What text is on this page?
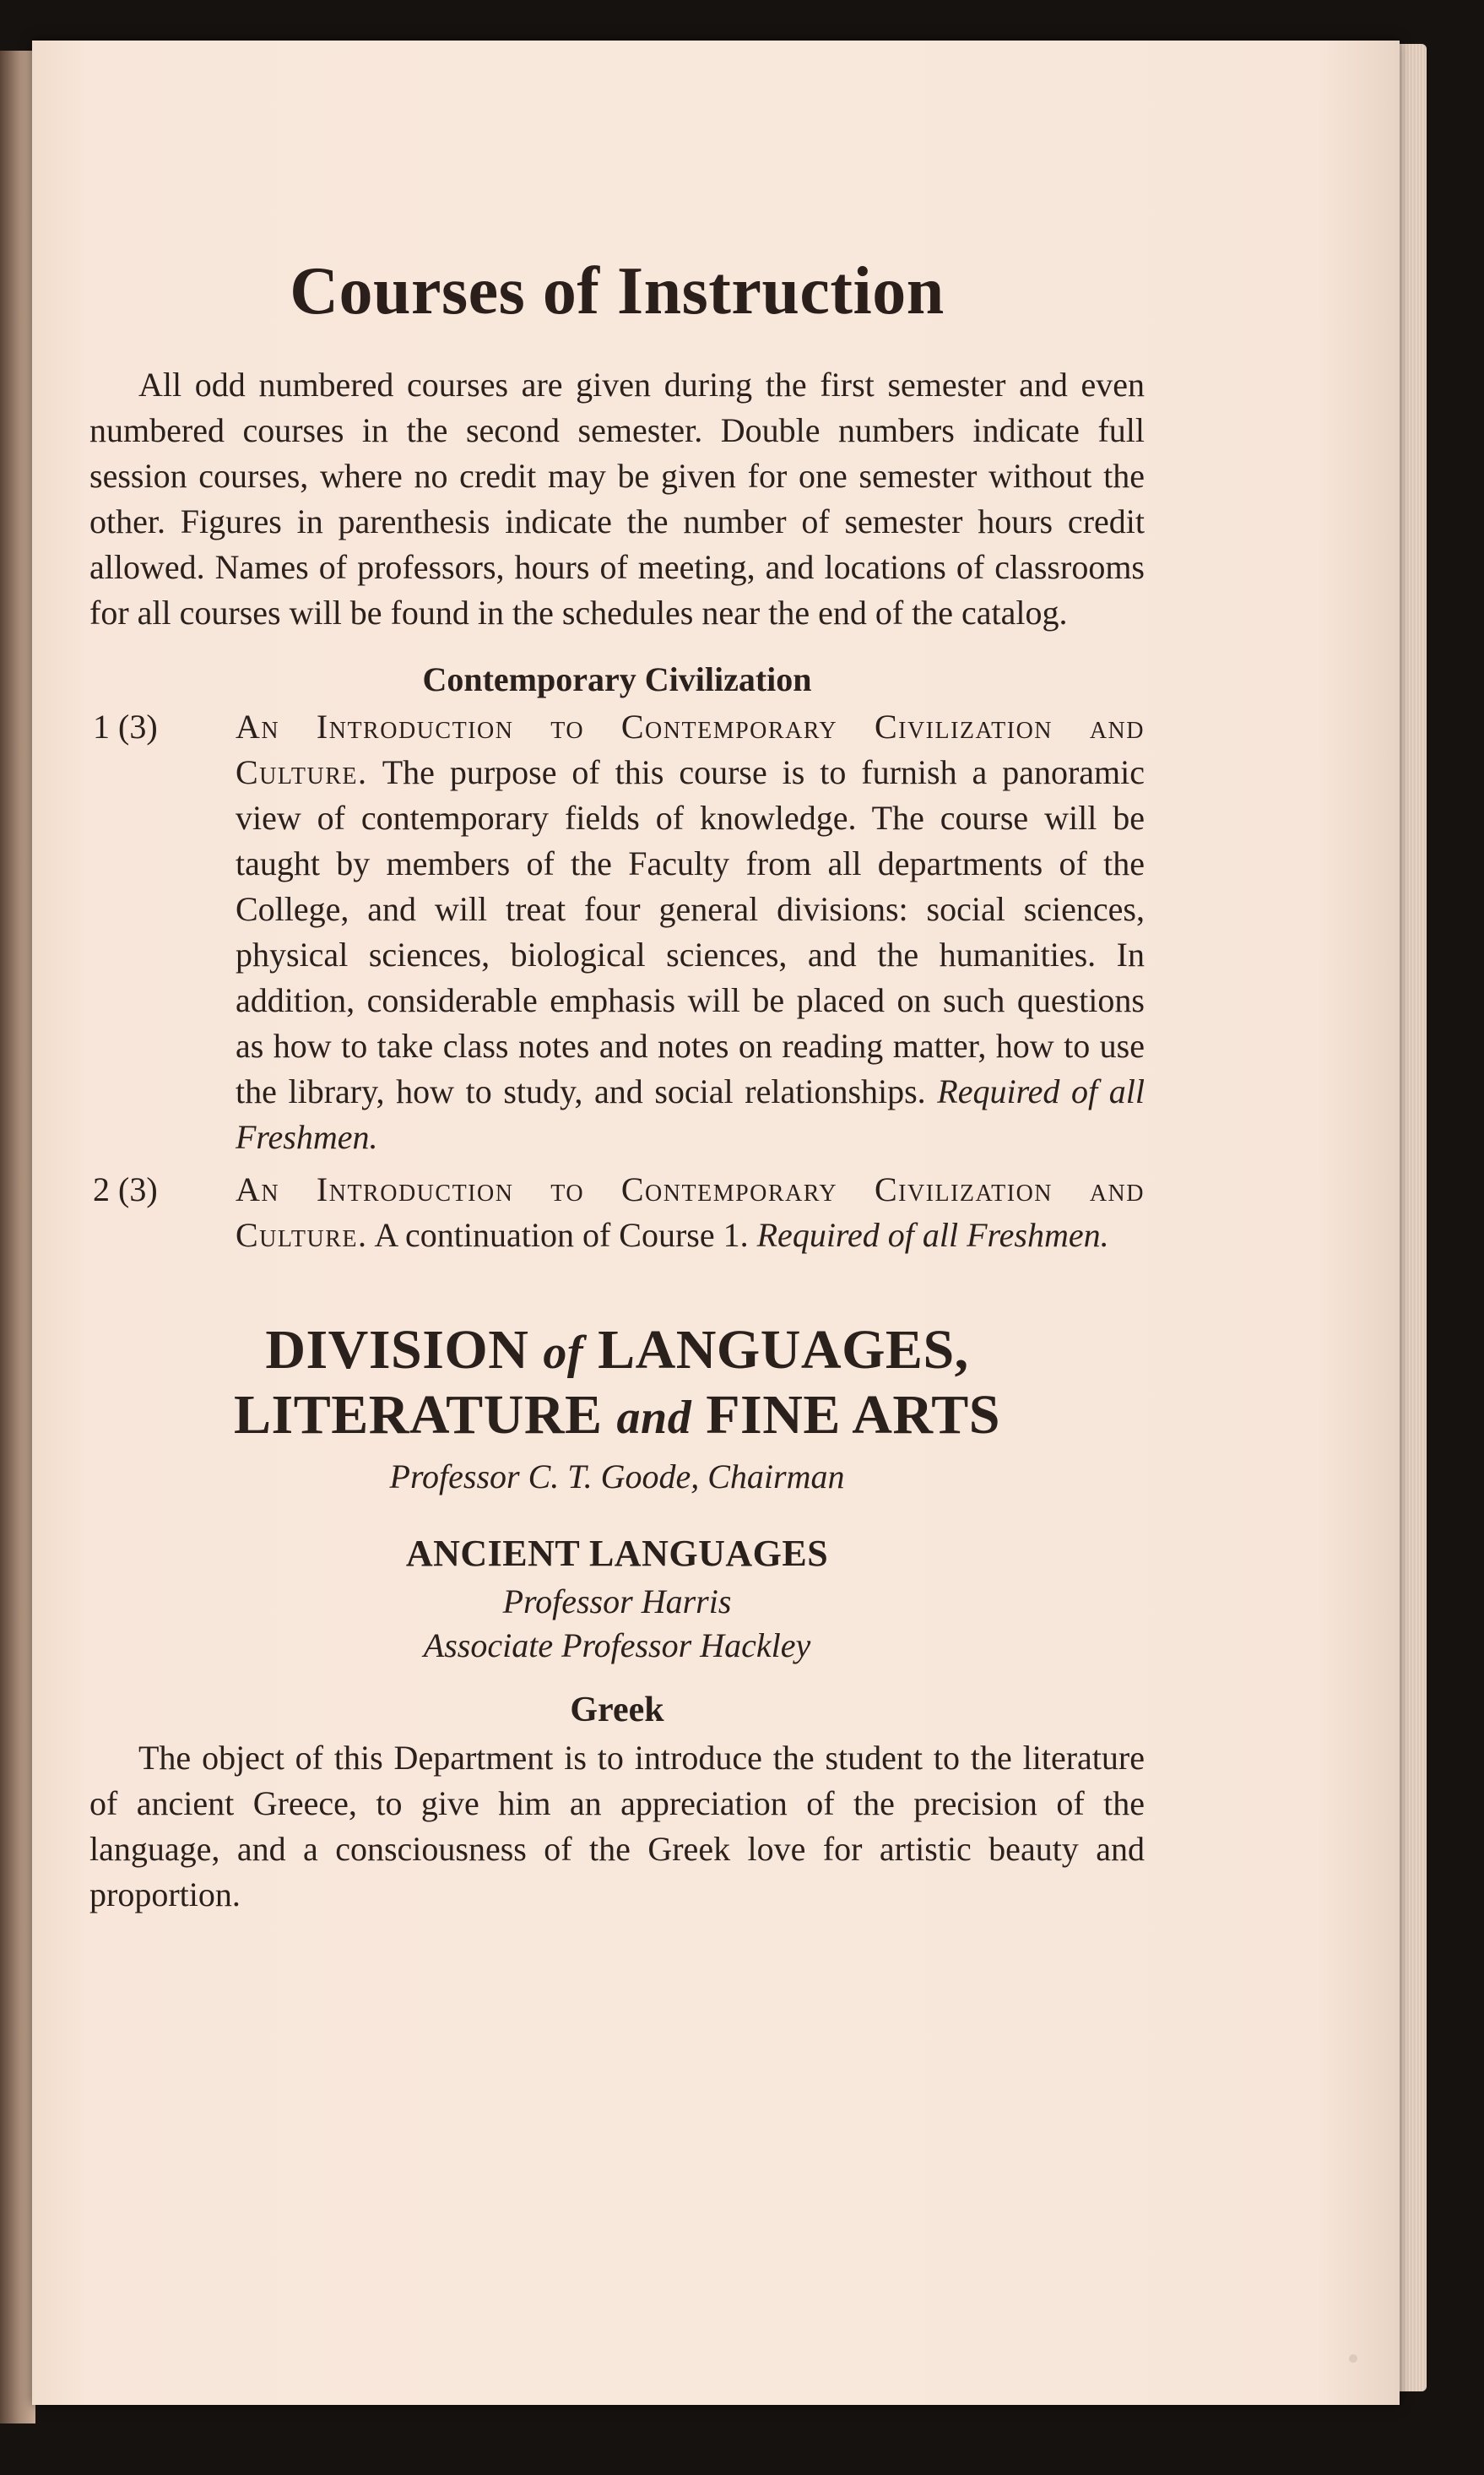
Courses of Instruction

All odd numbered courses are given during the first semester and even numbered courses in the second semester. Double numbers indicate full session courses, where no credit may be given for one semester without the other. Figures in parenthesis indicate the number of semester hours credit allowed. Names of professors, hours of meeting, and locations of classrooms for all courses will be found in the schedules near the end of the catalog.

Contemporary Civilization

1 (3) An Introduction to Contemporary Civilization and Culture. The purpose of this course is to furnish a panoramic view of contemporary fields of knowledge. The course will be taught by members of the Faculty from all departments of the College, and will treat four general divisions: social sciences, physical sciences, biological sciences, and the humanities. In addition, considerable emphasis will be placed on such questions as how to take class notes and notes on reading matter, how to use the library, how to study, and social relationships. Required of all Freshmen.

2 (3) An Introduction to Contemporary Civilization and Culture. A continuation of Course 1. Required of all Freshmen.

DIVISION of LANGUAGES,
LITERATURE and FINE ARTS
Professor C. T. Goode, Chairman
ANCIENT LANGUAGES
Professor Harris
Associate Professor Hackley
Greek

The object of this Department is to introduce the student to the literature of ancient Greece, to give him an appreciation of the precision of the language, and a consciousness of the Greek love for artistic beauty and proportion.
